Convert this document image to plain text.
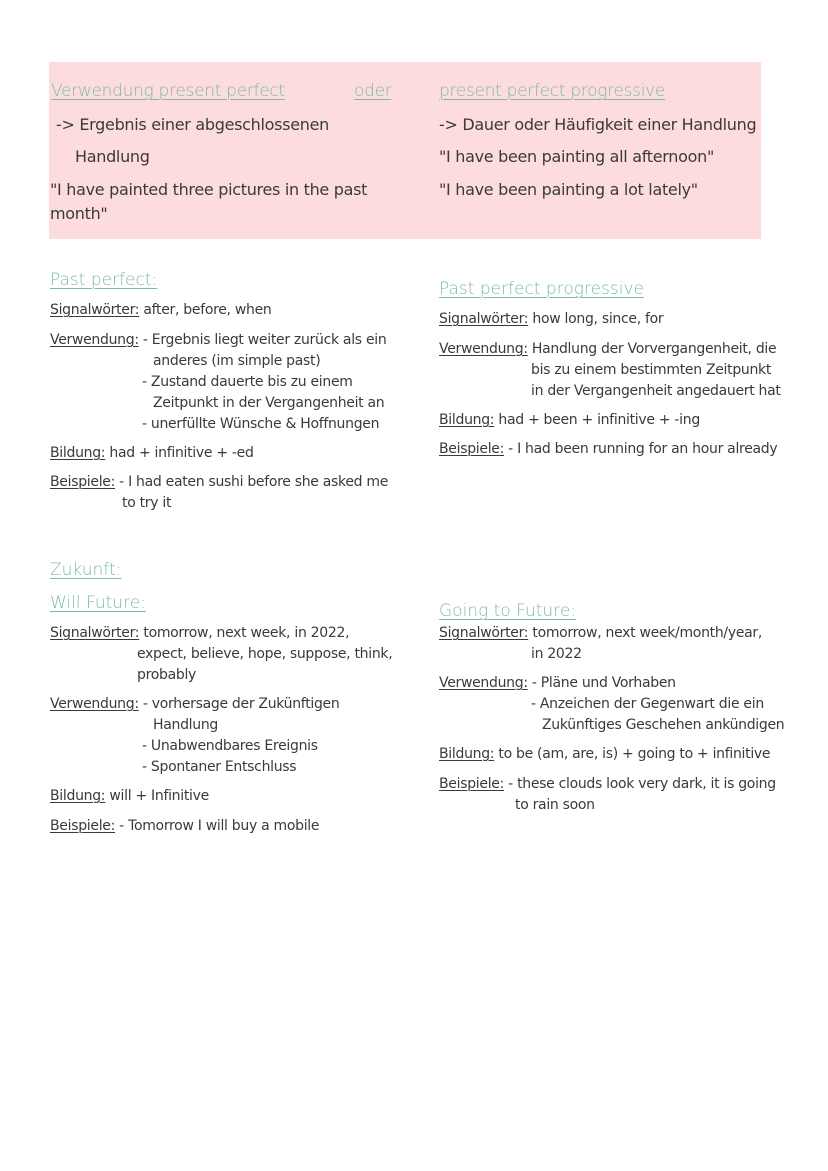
Verwendung present perfect	oder	present perfect progressive

-> Ergebnis einer abgeschlossenen

Handlung

"I have painted three pictures in the past

month"

-> Dauer oder Häufigkeit einer Handlung

"I have been painting all afternoon"

"I have been painting a lot lately"

Past perfect:

Signalwörter: after, before, when
Verwendung: - Ergebnis liegt weiter zurück als ein
anderes (im simple past)
- Zustand dauerte bis zu einem
Zeitpunkt in der Vergangenheit an
- unerfüllte Wünsche & Hoffnungen
Bildung: had + infinitive + -ed
Beispiele: - I had eaten sushi before she asked me
to try it

Past perfect progressive

Signalwörter: how long, since, for
Verwendung: Handlung der Vorvergangenheit, die
bis zu einem bestimmten Zeitpunkt
in der Vergangenheit angedauert hat
Bildung: had + been + infinitive + -ing
Beispiele: - I had been running for an hour already

Zukunft:

Will Future:

Signalwörter: tomorrow, next week, in 2022,
expect, believe, hope, suppose, think,
probably
Verwendung: - vorhersage der Zukünftigen
Handlung
- Unabwendbares Ereignis
- Spontaner Entschluss
Bildung: will + Infinitive
Beispiele: - Tomorrow I will buy a mobile

Going to Future:

Signalwörter: tomorrow, next week/month/year,
in 2022
Verwendung: - Pläne und Vorhaben
- Anzeichen der Gegenwart die ein
Zukünftiges Geschehen ankündigen
Bildung: to be (am, are, is) + going to + infinitive
Beispiele: - these clouds look very dark, it is going
to rain soon
